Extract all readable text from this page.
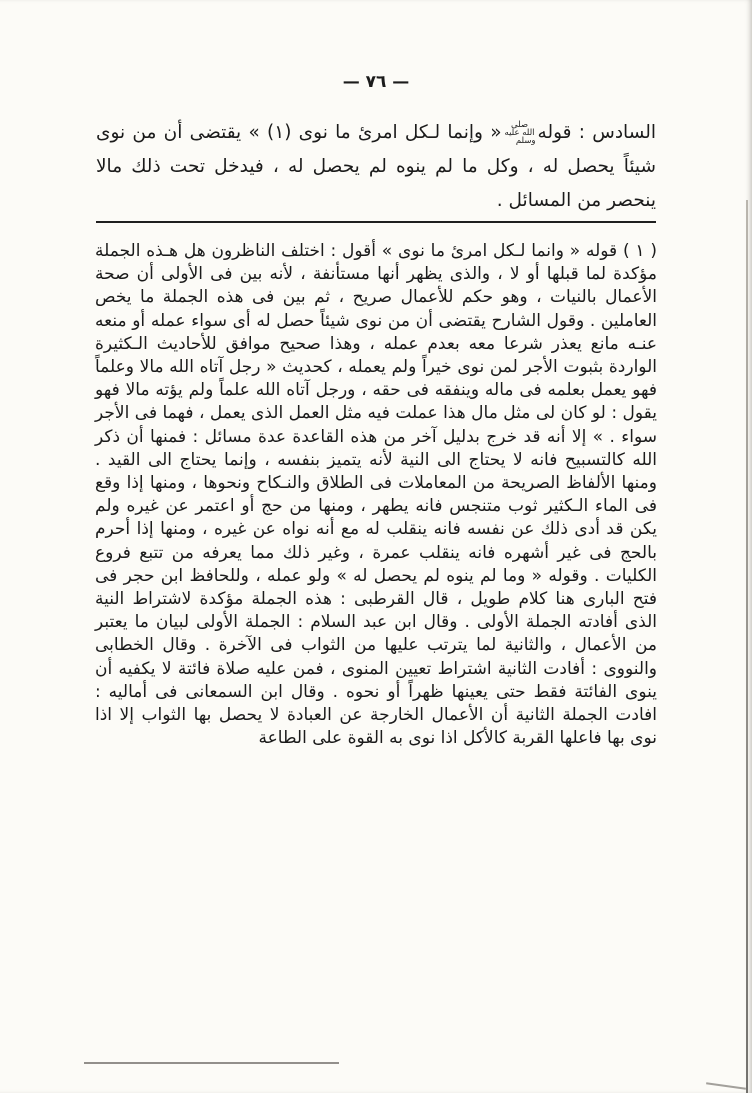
— ٧٦ —

السادس : قولهصلى الله عليه وسلم« وإنما لـكل امرئ ما نوى (١) » يقتضى أن من نوى شيئاً يحصل له ، وكل ما لم ينوه لم يحصل له ، فيدخل تحت ذلك مالا ينحصر من المسائل .

( ١ ) قوله « وانما لـكل امرئ ما نوى » أقول : اختلف الناظرون هل هـذه الجملة مؤكدة لما قبلها أو لا ، والذى يظهر أنها مستأنفة ، لأنه بين فى الأولى أن صحة الأعمال بالنيات ، وهو حكم للأعمال صريح ، ثم بين فى هذه الجملة ما يخص العاملين . وقول الشارح يقتضى أن من نوى شيئاً حصل له أى سواء عمله أو منعه عنـه مانع يعذر شرعا معه بعدم عمله ، وهذا صحيح موافق للأحاديث الـكثيرة الواردة بثبوت الأجر لمن نوى خيراً ولم يعمله ، كحديث « رجل آتاه الله مالا وعلماً فهو يعمل بعلمه فى ماله وينفقه فى حقه ، ورجل آتاه الله علماً ولم يؤته مالا فهو يقول : لو كان لى مثل مال هذا عملت فيه مثل العمل الذى يعمل ، فهما فى الأجر سواء . » إلا أنه قد خرج بدليل آخر من هذه القاعدة عدة مسائل : فمنها أن ذكر الله كالتسبيح فانه لا يحتاج الى النية لأنه يتميز بنفسه ، وإنما يحتاج الى القيد . ومنها الألفاظ الصريحة من المعاملات فى الطلاق والنـكاح ونحوها ، ومنها إذا وقع فى الماء الـكثير ثوب متنجس فانه يطهر ، ومنها من حج أو اعتمر عن غيره ولم يكن قد أدى ذلك عن نفسه فانه ينقلب له مع أنه نواه عن غيره ، ومنها إذا أحرم بالحج فى غير أشهره فانه ينقلب عمرة ، وغير ذلك مما يعرفه من تتبع فروع الكليات . وقوله « وما لم ينوه لم يحصل له » ولو عمله ، وللحافظ ابن حجر فى فتح البارى هنا كلام طويل ، قال القرطبى : هذه الجملة مؤكدة لاشتراط النية الذى أفادته الجملة الأولى . وقال ابن عبد السلام : الجملة الأولى لبيان ما يعتبر من الأعمال ، والثانية لما يترتب عليها من الثواب فى الآخرة . وقال الخطابى والنووى : أفادت الثانية اشتراط تعيين المنوى ، فمن عليه صلاة فائتة لا يكفيه أن ينوى الفائتة فقط حتى يعينها ظهراً أو نحوه . وقال ابن السمعانى فى أماليه : افادت الجملة الثانية أن الأعمال الخارجة عن العبادة لا يحصل بها الثواب إلا اذا نوى بها فاعلها القربة كالأكل اذا نوى به القوة على الطاعة
